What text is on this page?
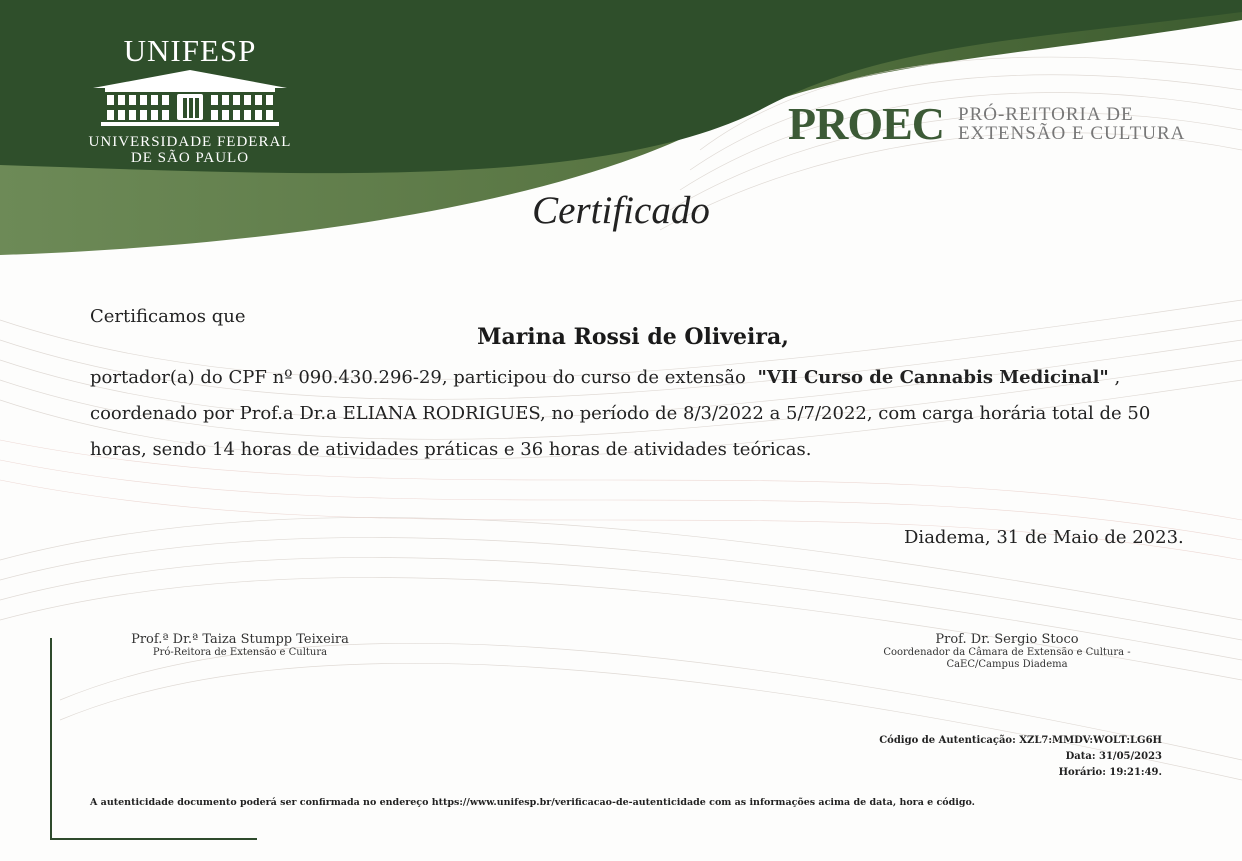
UNIFESP
UNIVERSIDADE FEDERAL
DE SÃO PAULO
PROEC PRÓ-REITORIA DE
EXTENSÃO E CULTURA
Certificado
Certificamos que
Marina Rossi de Oliveira,
portador(a) do CPF nº 090.430.296-29, participou do curso de extensão "VII Curso de Cannabis Medicinal" ,
coordenado por Prof.a Dr.a ELIANA RODRIGUES, no período de 8/3/2022 a 5/7/2022, com carga horária total de 50
horas, sendo 14 horas de atividades práticas e 36 horas de atividades teóricas.
Diadema, 31 de Maio de 2023.
Prof.ª Dr.ª Taiza Stumpp Teixeira
Pró-Reitora de Extensão e Cultura
Prof. Dr. Sergio Stoco
Coordenador da Câmara de Extensão e Cultura -
CaEC/Campus Diadema
Código de Autenticação: XZL7:MMDV:WOLT:LG6H
Data: 31/05/2023
Horário: 19:21:49.
A autenticidade documento poderá ser confirmada no endereço https://www.unifesp.br/verificacao-de-autenticidade com as informações acima de data, hora e código.
